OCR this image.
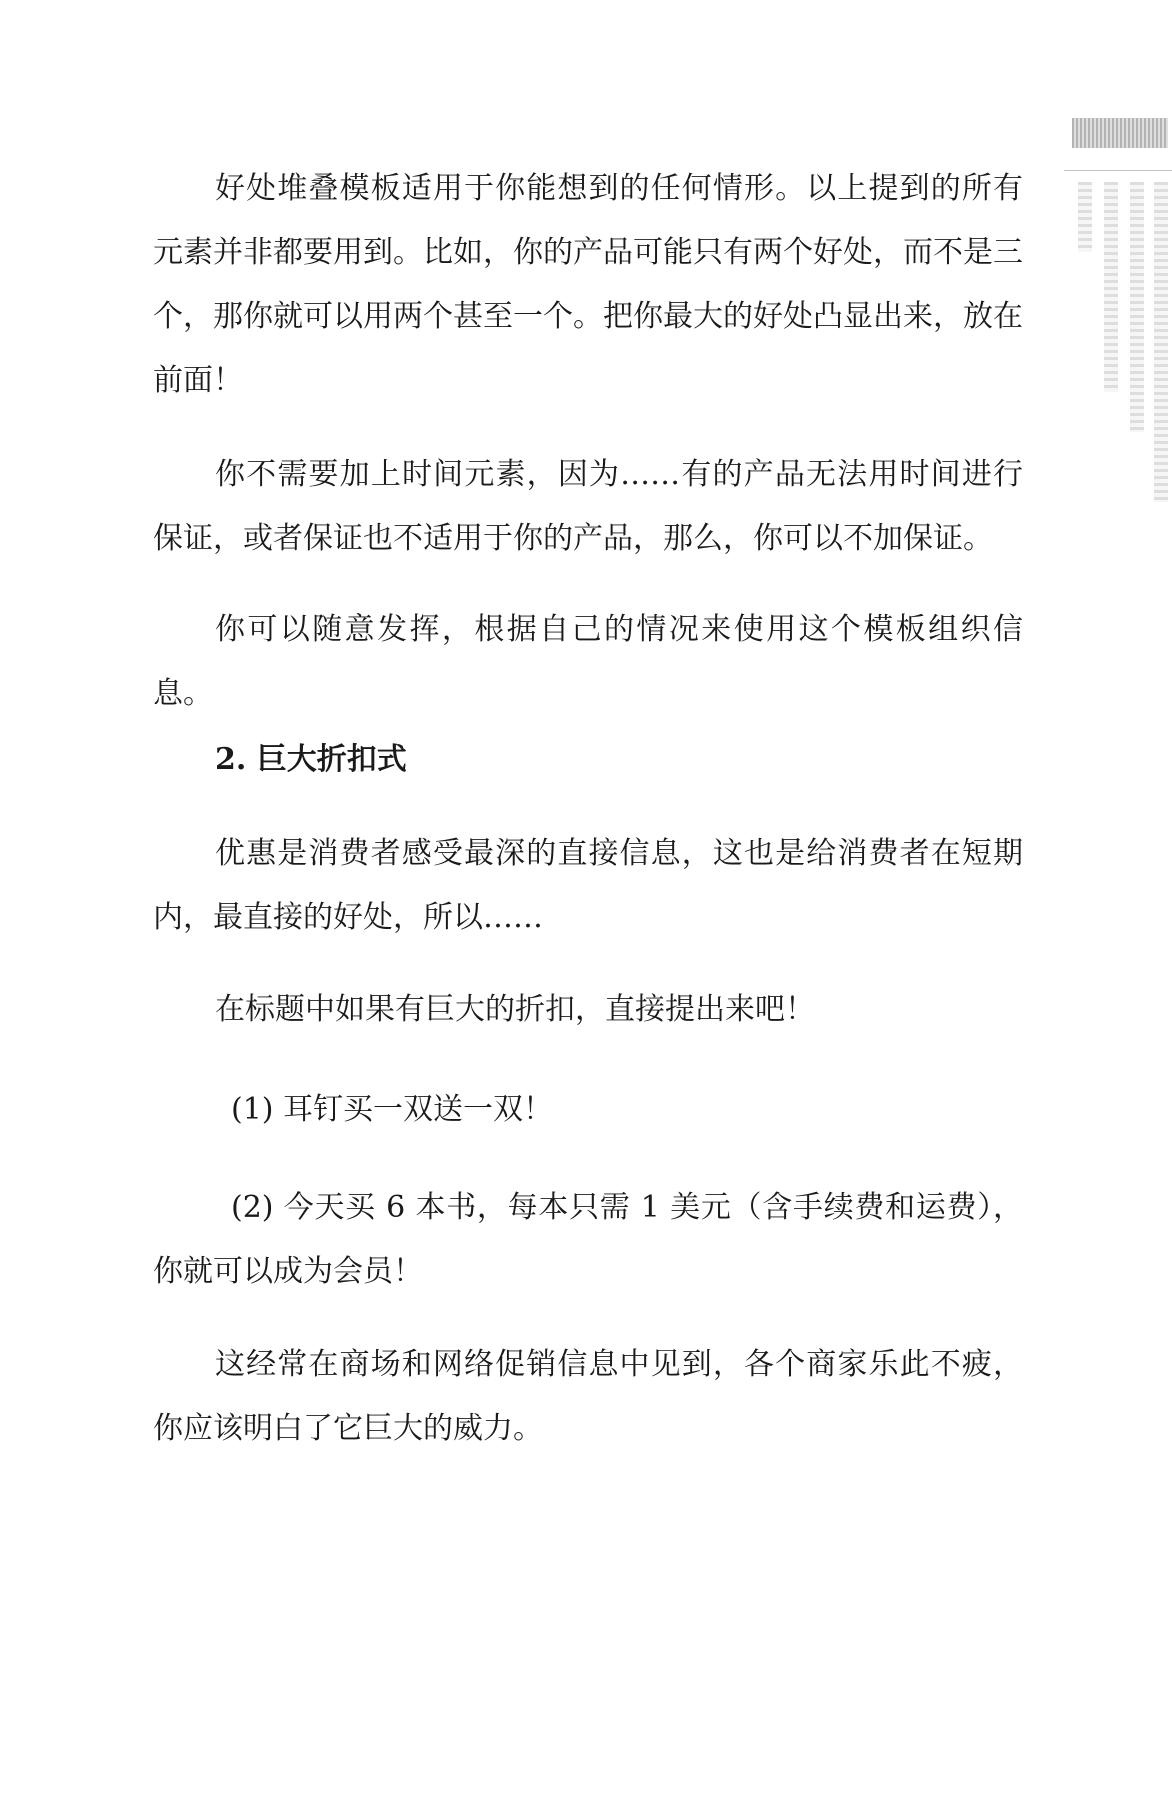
好处堆叠模板适用于你能想到的任何情形。以上提到的所有元素并非都要用到。比如，你的产品可能只有两个好处，而不是三个，那你就可以用两个甚至一个。把你最大的好处凸显出来，放在前面！

你不需要加上时间元素，因为……有的产品无法用时间进行保证，或者保证也不适用于你的产品，那么，你可以不加保证。

你可以随意发挥，根据自己的情况来使用这个模板组织信息。

2. 巨大折扣式

优惠是消费者感受最深的直接信息，这也是给消费者在短期内，最直接的好处，所以……

在标题中如果有巨大的折扣，直接提出来吧！

(1) 耳钉买一双送一双！

(2) 今天买 6 本书，每本只需 1 美元（含手续费和运费），你就可以成为会员！

这经常在商场和网络促销信息中见到，各个商家乐此不疲，你应该明白了它巨大的威力。
